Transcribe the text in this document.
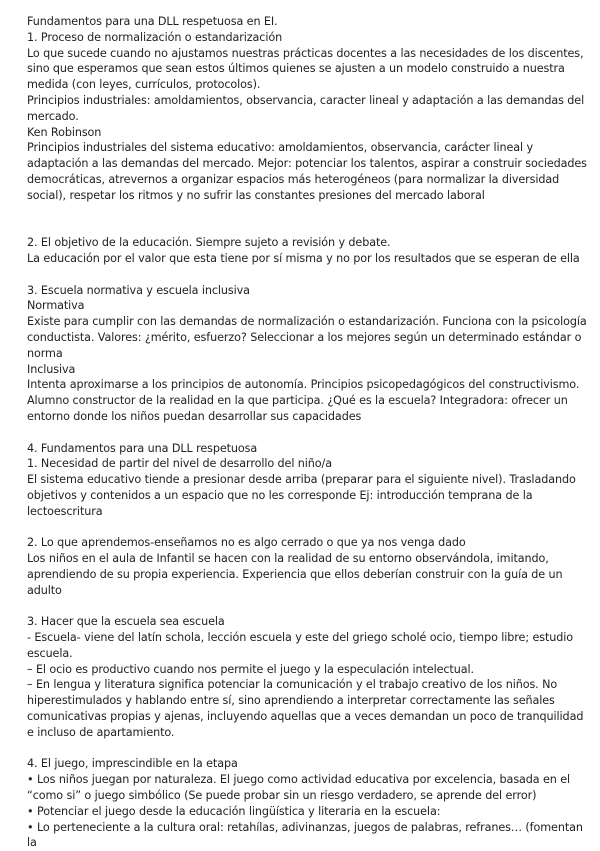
Fundamentos para una DLL respetuosa en EI.
1. Proceso de normalización o estandarización
Lo que sucede cuando no ajustamos nuestras prácticas docentes a las necesidades de los discentes, sino que esperamos que sean estos últimos quienes se ajusten a un modelo construido a nuestra medida (con leyes, currículos, protocolos).
Principios industriales: amoldamientos, observancia, caracter lineal y adaptación a las demandas del mercado.
Ken Robinson
Principios industriales del sistema educativo: amoldamientos, observancia, carácter lineal y adaptación a las demandas del mercado. Mejor: potenciar los talentos, aspirar a construir sociedades democráticas, atrevernos a organizar espacios más heterogéneos (para normalizar la diversidad social), respetar los ritmos y no sufrir las constantes presiones del mercado laboral
2. El objetivo de la educación. Siempre sujeto a revisión y debate.
La educación por el valor que esta tiene por sí misma y no por los resultados que se esperan de ella
3. Escuela normativa y escuela inclusiva
Normativa
Existe para cumplir con las demandas de normalización o estandarización. Funciona con la psicología conductista. Valores: ¿mérito, esfuerzo? Seleccionar a los mejores según un determinado estándar o norma
Inclusiva
Intenta aproximarse a los principios de autonomía. Principios psicopedagógicos del constructivismo. Alumno constructor de la realidad en la que participa. ¿Qué es la escuela? Integradora: ofrecer un entorno donde los niños puedan desarrollar sus capacidades
4. Fundamentos para una DLL respetuosa
1. Necesidad de partir del nivel de desarrollo del niño/a
El sistema educativo tiende a presionar desde arriba (preparar para el siguiente nivel). Trasladando objetivos y contenidos a un espacio que no les corresponde Ej: introducción temprana de la lectoescritura
2. Lo que aprendemos-enseñamos no es algo cerrado o que ya nos venga dado
Los niños en el aula de Infantil se hacen con la realidad de su entorno observándola, imitando, aprendiendo de su propia experiencia. Experiencia que ellos deberían construir con la guía de un adulto
3. Hacer que la escuela sea escuela
- Escuela- viene del latín schola, lección escuela y este del griego scholé ocio, tiempo libre; estudio escuela.
– El ocio es productivo cuando nos permite el juego y la especulación intelectual.
– En lengua y literatura significa potenciar la comunicación y el trabajo creativo de los niños. No hiperestimulados y hablando entre sí, sino aprendiendo a interpretar correctamente las señales comunicativas propias y ajenas, incluyendo aquellas que a veces demandan un poco de tranquilidad e incluso de apartamiento.
4. El juego, imprescindible en la etapa
• Los niños juegan por naturaleza. El juego como actividad educativa por excelencia, basada en el “como si” o juego simbólico (Se puede probar sin un riesgo verdadero, se aprende del error)
• Potenciar el juego desde la educación lingüística y literaria en la escuela:
• Lo perteneciente a la cultura oral: retahílas, adivinanzas, juegos de palabras, refranes… (fomentan la
